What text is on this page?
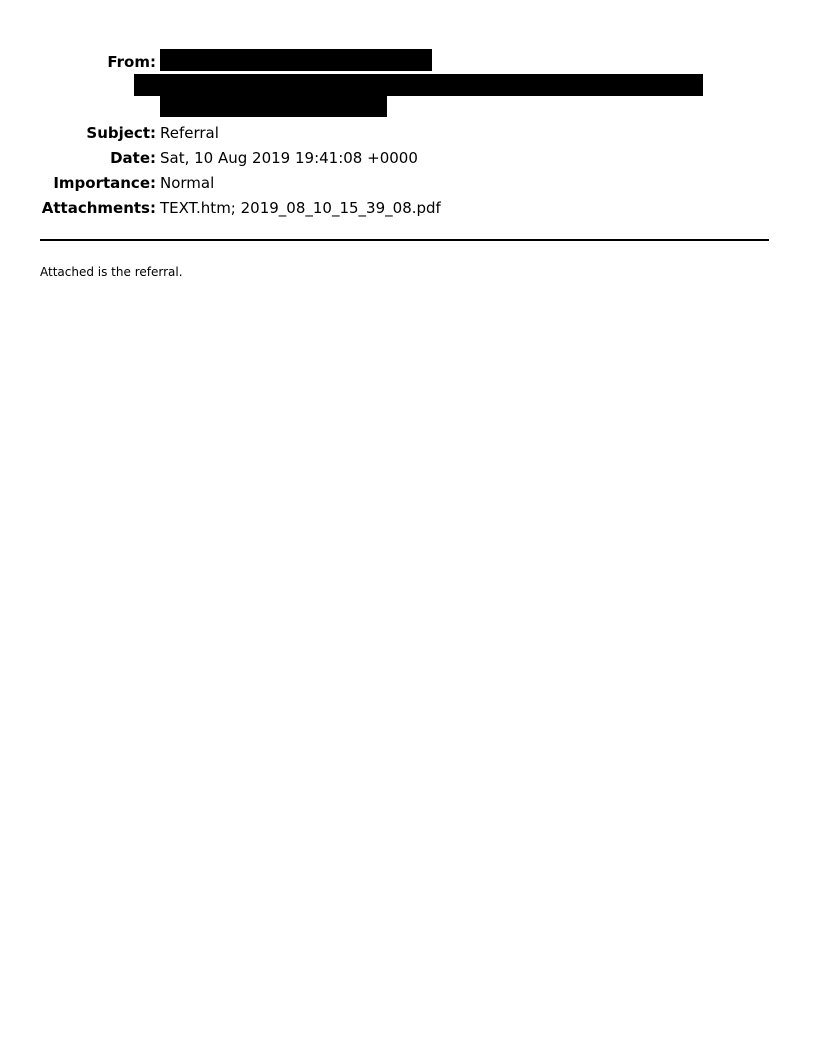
From:
Subject: Referral
Date: Sat, 10 Aug 2019 19:41:08 +0000
Importance: Normal
Attachments: TEXT.htm; 2019_08_10_15_39_08.pdf
Attached is the referral.
